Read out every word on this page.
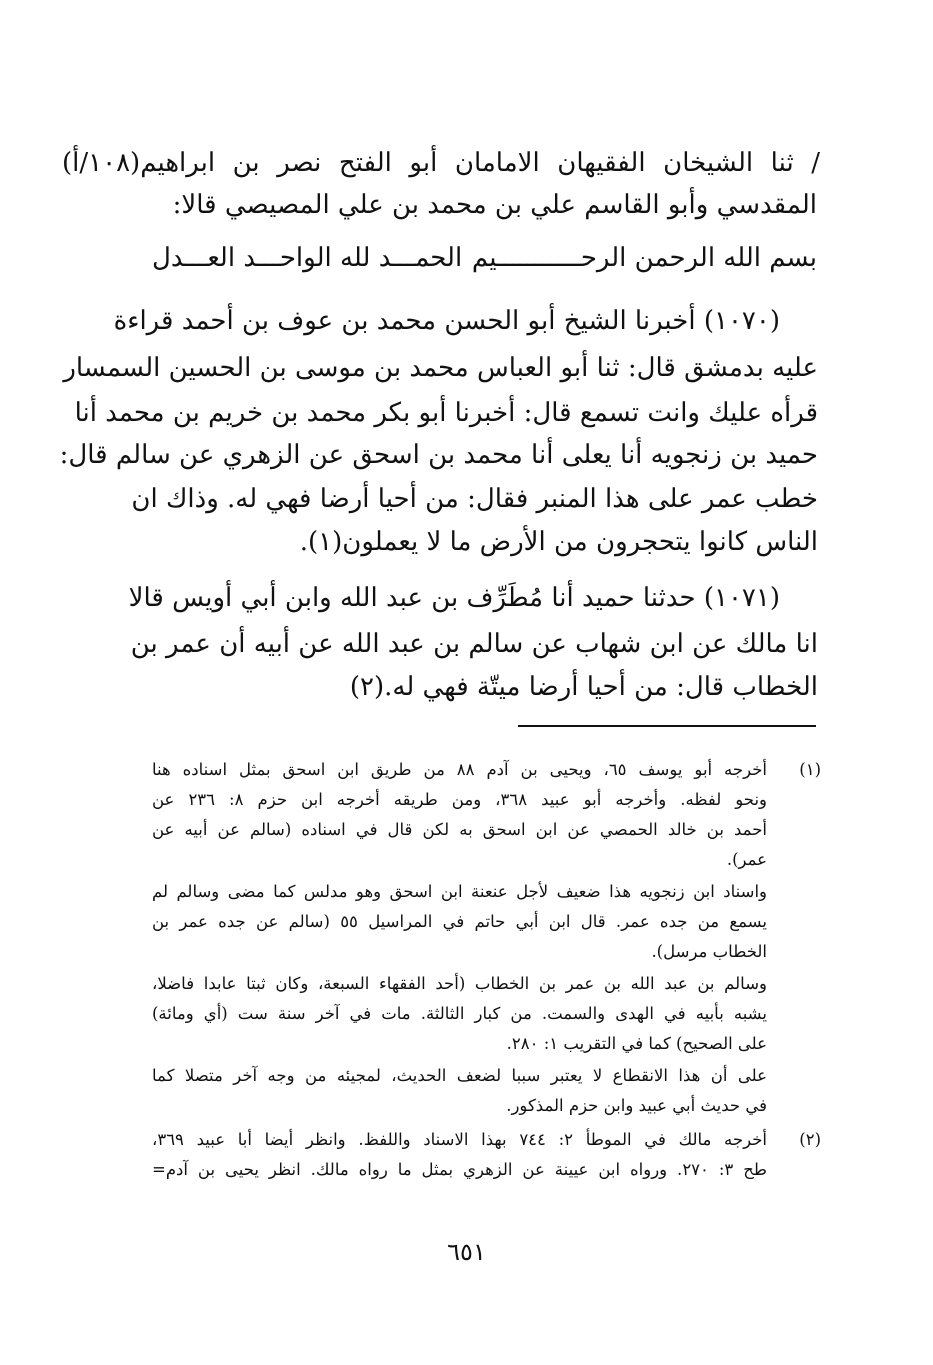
/ ثنا الشيخان الفقيهان الامامان أبو الفتح نصر بن ابراهيم(١٠٨/أ)
المقدسي وأبو القاسم علي بن محمد بن علي المصيصي قالا:
بسم الله الرحمن الرحـــــــــــيم
الحمـــد لله الواحـــد العـــدل
(١٠٧٠) أخبرنا الشيخ أبو الحسن محمد بن عوف بن أحمد قراءة
عليه بدمشق قال: ثنا أبو العباس محمد بن موسى بن الحسين السمسار
قرأه عليك وانت تسمع قال: أخبرنا أبو بكر محمد بن خريم بن محمد أنا
حميد بن زنجويه أنا يعلى أنا محمد بن اسحق عن الزهري عن سالم قال:
خطب عمر على هذا المنبر فقال: من أحيا أرضا فهي له. وذاك ان
الناس كانوا يتحجرون من الأرض ما لا يعملون(١).
(١٠٧١) حدثنا حميد أنا مُطَرِّف بن عبد الله وابن أبي أويس قالا
انا مالك عن ابن شهاب عن سالم بن عبد الله عن أبيه أن عمر بن
الخطاب قال: من أحيا أرضا ميتّة فهي له.(٢)
(١)
أخرجه أبو يوسف ٦٥، ويحيى بن آدم ٨٨ من طريق ابن اسحق بمثل اسناده هنا
ونحو لفظه. وأخرجه أبو عبيد ٣٦٨، ومن طريقه أخرجه ابن حزم ٨: ٢٣٦ عن
أحمد بن خالد الحمصي عن ابن اسحق به لكن قال في اسناده (سالم عن أبيه عن
عمر).
واسناد ابن زنجويه هذا ضعيف لأجل عنعنة ابن اسحق وهو مدلس كما مضى وسالم لم
يسمع من جده عمر. قال ابن أبي حاتم في المراسيل ٥٥ (سالم عن جده عمر بن
الخطاب مرسل).
وسالم بن عبد الله بن عمر بن الخطاب (أحد الفقهاء السبعة، وكان ثبتا عابدا فاضلا،
يشبه بأبيه في الهدى والسمت. من كبار الثالثة. مات في آخر سنة ست (أي ومائة)
على الصحيح) كما في التقريب ١: ٢٨٠.
على أن هذا الانقطاع لا يعتبر سببا لضعف الحديث، لمجيئه من وجه آخر متصلا كما
في حديث أبي عبيد وابن حزم المذكور.
(٢)
أخرجه مالك في الموطأ ٢: ٧٤٤ بهذا الاسناد واللفظ. وانظر أيضا أبا عبيد ٣٦٩،
طح ٣: ٢٧٠. ورواه ابن عيينة عن الزهري بمثل ما رواه مالك. انظر يحيى بن آدم=
٦٥١
